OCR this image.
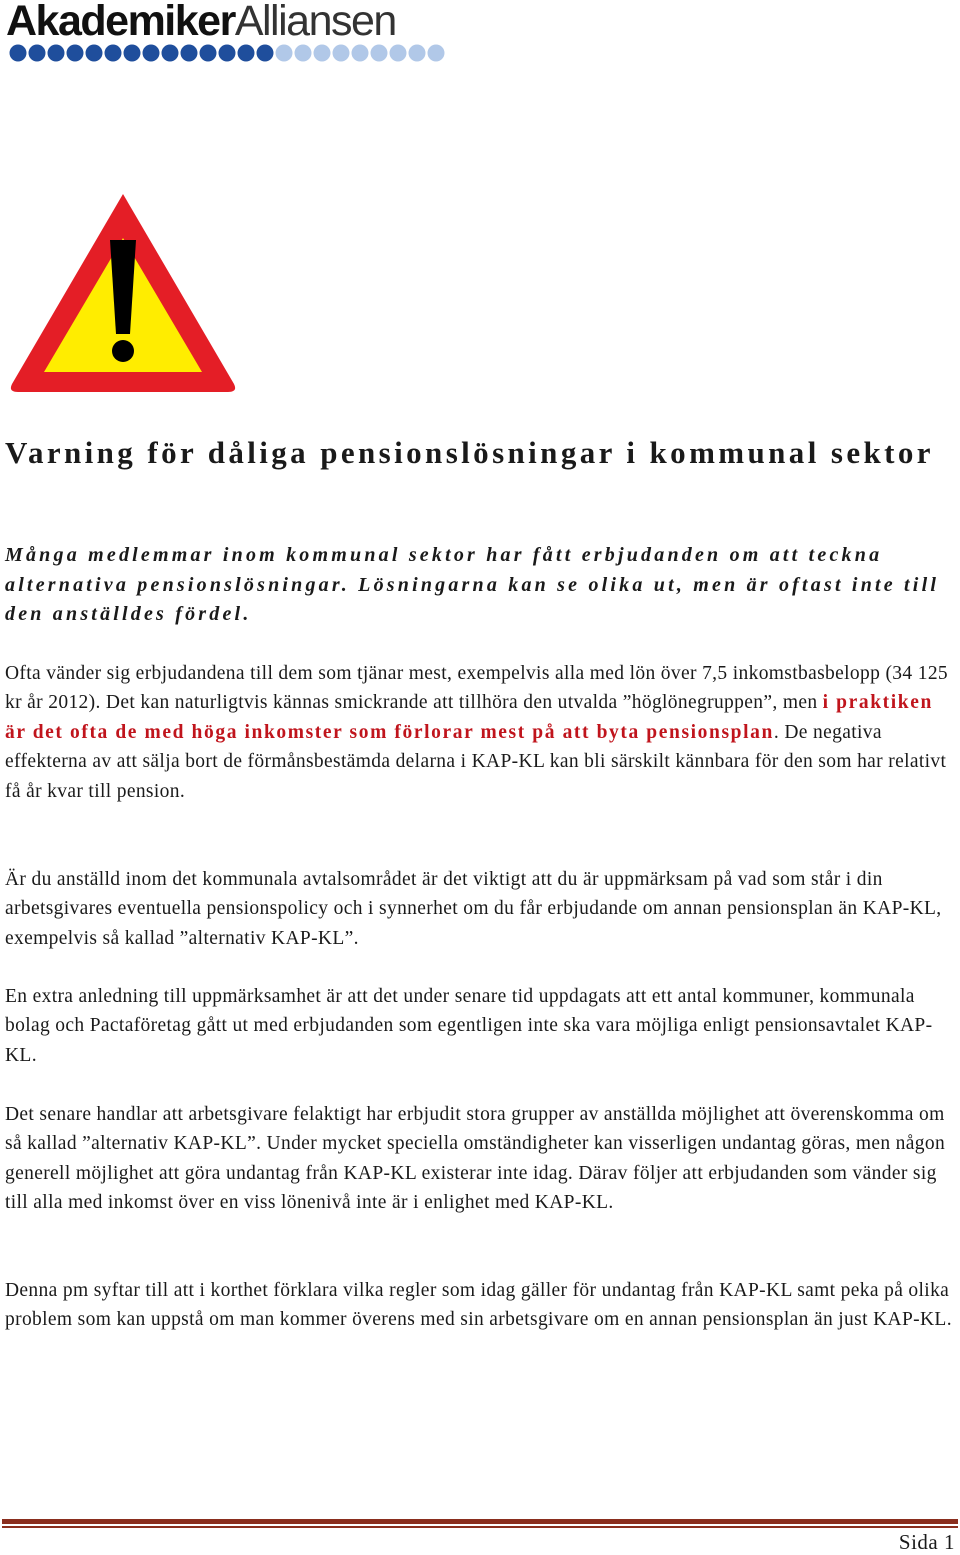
AkademikerAlliansen
Varning för dåliga pensionslösningar i kommunal sektor

Många medlemmar inom kommunal sektor har fått erbjudanden om att teckna alternativa pensionslösningar. Lösningarna kan se olika ut, men är oftast inte till den anställdes fördel.

Ofta vänder sig erbjudandena till dem som tjänar mest, exempelvis alla med lön över 7,5 inkomstbasbelopp (34 125 kr år 2012). Det kan naturligtvis kännas smickrande att tillhöra den utvalda ”höglönegruppen”, men i praktiken är det ofta de med höga inkomster som förlorar mest på att byta pensionsplan. De negativa effekterna av att sälja bort de förmånsbestämda delarna i KAP-KL kan bli särskilt kännbara för den som har relativt få år kvar till pension.

Är du anställd inom det kommunala avtalsområdet är det viktigt att du är uppmärksam på vad som står i din arbetsgivares eventuella pensionspolicy och i synnerhet om du får erbjudande om annan pensionsplan än KAP-KL, exempelvis så kallad ”alternativ KAP-KL”.

En extra anledning till uppmärksamhet är att det under senare tid uppdagats att ett antal kommuner, kommunala bolag och Pactaföretag gått ut med erbjudanden som egentligen inte ska vara möjliga enligt pensionsavtalet KAP-KL.

Det senare handlar att arbetsgivare felaktigt har erbjudit stora grupper av anställda möjlighet att överenskomma om så kallad ”alternativ KAP-KL”. Under mycket speciella omständigheter kan visserligen undantag göras, men någon generell möjlighet att göra undantag från KAP-KL existerar inte idag. Därav följer att erbjudanden som vänder sig till alla med inkomst över en viss lönenivå inte är i enlighet med KAP-KL.

Denna pm syftar till att i korthet förklara vilka regler som idag gäller för undantag från KAP-KL samt peka på olika problem som kan uppstå om man kommer överens med sin arbetsgivare om en annan pensionsplan än just KAP-KL.

Sida 1
